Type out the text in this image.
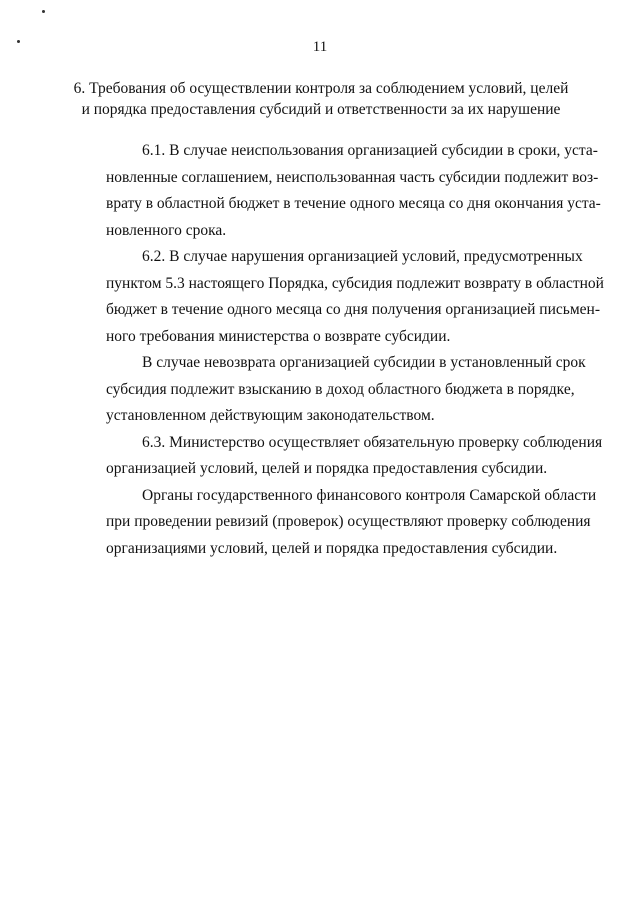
11
6. Требования об осуществлении контроля за соблюдением условий, целей
и порядка предоставления субсидий и ответственности за их нарушение

6.1. В случае неиспользования организацией субсидии в сроки, уста-
новленные соглашением, неиспользованная часть субсидии подлежит воз-
врату в областной бюджет в течение одного месяца со дня окончания уста-
новленного срока.

6.2. В случае нарушения организацией условий, предусмотренных
пунктом 5.3 настоящего Порядка, субсидия подлежит возврату в областной
бюджет в течение одного месяца со дня получения организацией письмен-
ного требования министерства о возврате субсидии.

В случае невозврата организацией субсидии в установленный срок
субсидия подлежит взысканию в доход областного бюджета в порядке,
установленном действующим законодательством.

6.3. Министерство осуществляет обязательную проверку соблюдения
организацией условий, целей и порядка предоставления субсидии.

Органы государственного финансового контроля Самарской области
при проведении ревизий (проверок) осуществляют проверку соблюдения
организациями условий, целей и порядка предоставления субсидии.
